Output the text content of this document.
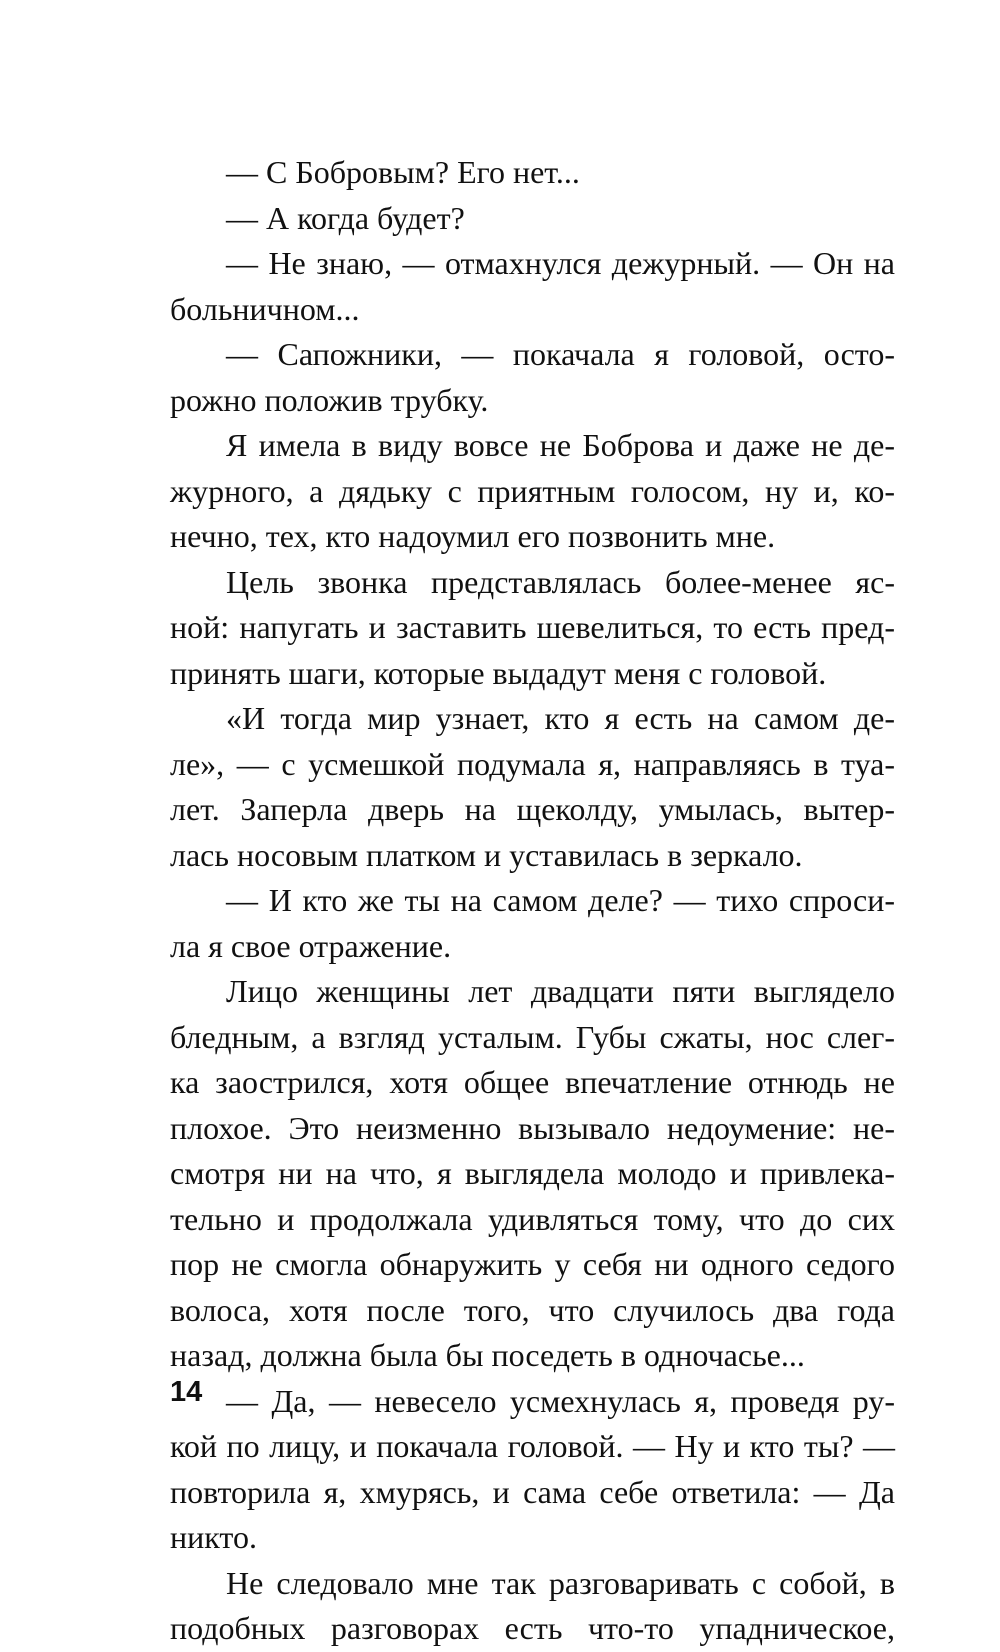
— С Бобровым? Его нет...
— А когда будет?
— Не знаю, — отмахнулся дежурный. — Он на
больничном...
— Сапожники, — покачала я головой, осто-
рожно положив трубку.
Я имела в виду вовсе не Боброва и даже не де-
журного, а дядьку с приятным голосом, ну и, ко-
нечно, тех, кто надоумил его позвонить мне.
Цель звонка представлялась более-менее яс-
ной: напугать и заставить шевелиться, то есть пред-
принять шаги, которые выдадут меня с головой.
«И тогда мир узнает, кто я есть на самом де-
ле», — с усмешкой подумала я, направляясь в туа-
лет. Заперла дверь на щеколду, умылась, вытер-
лась носовым платком и уставилась в зеркало.
— И кто же ты на самом деле? — тихо спроси-
ла я свое отражение.
Лицо женщины лет двадцати пяти выглядело
бледным, а взгляд усталым. Губы сжаты, нос слег-
ка заострился, хотя общее впечатление отнюдь не
плохое. Это неизменно вызывало недоумение: не-
смотря ни на что, я выглядела молодо и привлека-
тельно и продолжала удивляться тому, что до сих
пор не смогла обнаружить у себя ни одного седого
волоса, хотя после того, что случилось два года
назад, должна была бы поседеть в одночасье...
— Да, — невесело усмехнулась я, проведя ру-
кой по лицу, и покачала головой. — Ну и кто ты? —
повторила я, хмурясь, и сама себе ответила: — Да
никто.
Не следовало мне так разговаривать с собой, в
подобных разговорах есть что-то упадническое,
14
